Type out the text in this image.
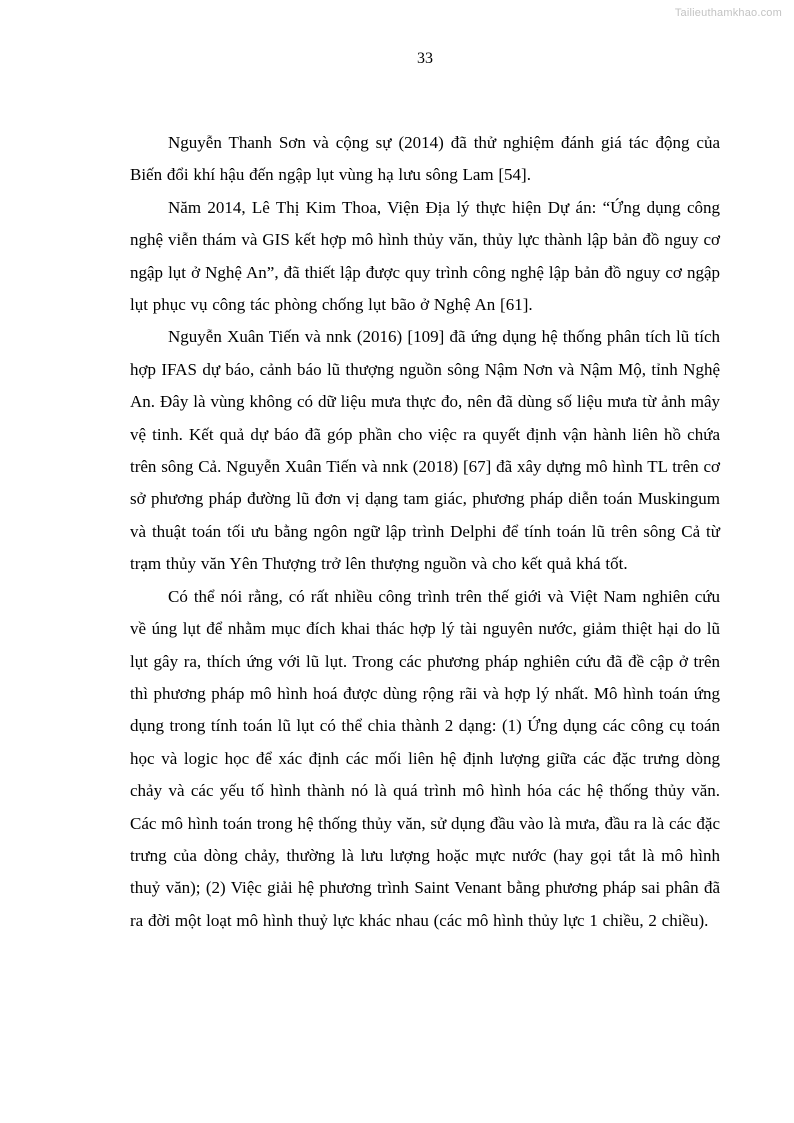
Tailieuthamkhao.com
33

Nguyễn Thanh Sơn và cộng sự (2014) đã thử nghiệm đánh giá tác động của Biến đổi khí hậu đến ngập lụt vùng hạ lưu sông Lam [54].

Năm 2014, Lê Thị Kim Thoa, Viện Địa lý thực hiện Dự án: “Ứng dụng công nghệ viễn thám và GIS kết hợp mô hình thủy văn, thủy lực thành lập bản đồ nguy cơ ngập lụt ở Nghệ An”, đã thiết lập được quy trình công nghệ lập bản đồ nguy cơ ngập lụt phục vụ công tác phòng chống lụt bão ở Nghệ An [61].

Nguyễn Xuân Tiến và nnk (2016) [109] đã ứng dụng hệ thống phân tích lũ tích hợp IFAS dự báo, cảnh báo lũ thượng nguồn sông Nậm Nơn và Nậm Mộ, tỉnh Nghệ An. Đây là vùng không có dữ liệu mưa thực đo, nên đã dùng số liệu mưa từ ảnh mây vệ tinh. Kết quả dự báo đã góp phần cho việc ra quyết định vận hành liên hồ chứa trên sông Cả. Nguyễn Xuân Tiến và nnk (2018) [67] đã xây dựng mô hình TL trên cơ sở phương pháp đường lũ đơn vị dạng tam giác, phương pháp diễn toán Muskingum và thuật toán tối ưu bằng ngôn ngữ lập trình Delphi để tính toán lũ trên sông Cả từ trạm thủy văn Yên Thượng trở lên thượng nguồn và cho kết quả khá tốt.

Có thể nói rằng, có rất nhiều công trình trên thế giới và Việt Nam nghiên cứu về úng lụt để nhằm mục đích khai thác hợp lý tài nguyên nước, giảm thiệt hại do lũ lụt gây ra, thích ứng với lũ lụt. Trong các phương pháp nghiên cứu đã đề cập ở trên thì phương pháp mô hình hoá được dùng rộng rãi và hợp lý nhất. Mô hình toán ứng dụng trong tính toán lũ lụt có thể chia thành 2 dạng: (1) Ứng dụng các công cụ toán học và logic học để xác định các mối liên hệ định lượng giữa các đặc trưng dòng chảy và các yếu tố hình thành nó là quá trình mô hình hóa các hệ thống thủy văn. Các mô hình toán trong hệ thống thủy văn, sử dụng đầu vào là mưa, đầu ra là các đặc trưng của dòng chảy, thường là lưu lượng hoặc mực nước (hay gọi tắt là mô hình thuỷ văn); (2) Việc giải hệ phương trình Saint Venant bằng phương pháp sai phân đã ra đời một loạt mô hình thuỷ lực khác nhau (các mô hình thủy lực 1 chiều, 2 chiều).
